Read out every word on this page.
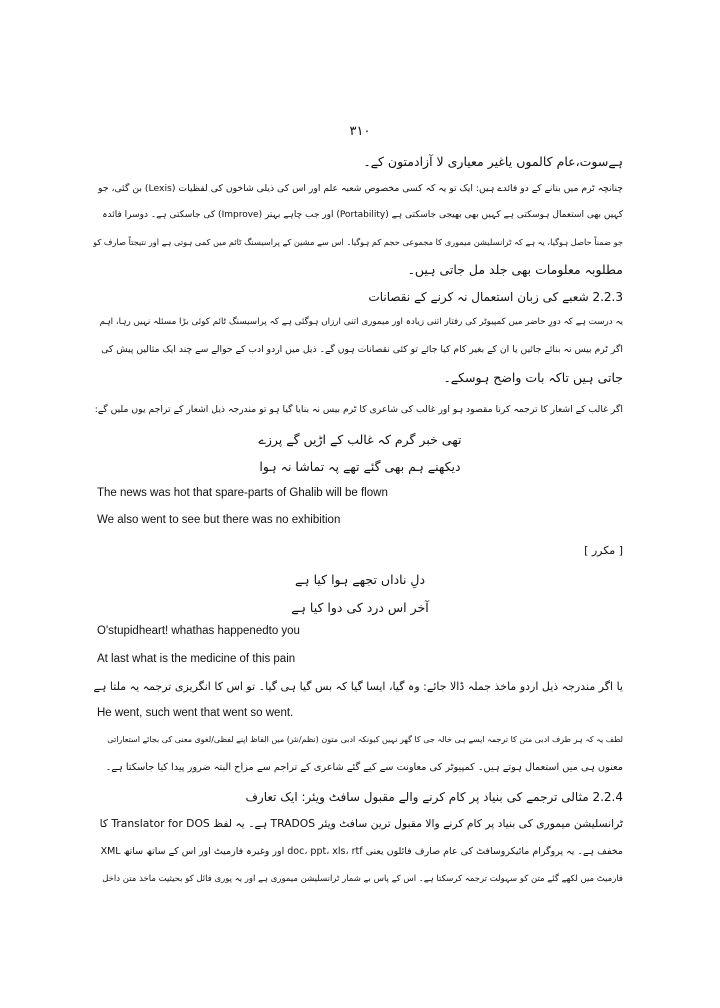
۳۱۰
ہےسوت،عام کالموں یاغیر معیاری لا آزادمتون کے۔
چنانچہ ٹرم میں بنانے کے دو فائدے ہیں: ایک تو یہ کہ کسی مخصوص شعبہ علم اور اس کی ذیلی شاخوں کی لفظیات (Lexis) بن گئی، جو
کہیں بھی استعمال ہوسکتی ہے کہیں بھی بھیجی جاسکتی ہے (Portability) اور جب چاہے بہتر (Improve) کی جاسکتی ہے۔ دوسرا فائدہ
جو ضمناً حاصل ہوگیا، یہ ہے کہ ٹرانسلیشن میموری کا مجموعی حجم کم ہوگیا۔ اس سے مشین کے پراسیسنگ ٹائم میں کمی ہوتی ہے اور نتیجتاً صارف کو
مطلوبہ معلومات بھی جلد مل جاتی ہیں۔
2.2.3 شعبے کی زبان استعمال نہ کرنے کے نقصانات
یہ درست ہے کہ دورِ حاضر میں کمپیوٹر کی رفتار اتنی زیادہ اور میموری اتنی ارزاں ہوگئی ہے کہ پراسیسنگ ٹائم کوئی بڑا مسئلہ نہیں رہا، اہم
اگر ٹرم بیس نہ بنائے جائیں یا ان کے بغیر کام کیا جائے تو کئی نقصانات ہوں گے۔ ذیل میں اردو ادب کے حوالے سے چند ایک مثالیں پیش کی
جاتی ہیں تاکہ بات واضح ہوسکے۔
اگر غالب کے اشعار کا ترجمہ کرنا مقصود ہو اور غالب کی شاعری کا ٹرم بیس نہ بنایا گیا ہو تو مندرجہ ذیل اشعار کے تراجم یوں ملیں گے:
تھی خبر گرم کہ غالب کے اڑیں گے پرزے
دیکھنے ہم بھی گئے تھے پہ تماشا نہ ہوا
The news was hot that spare-parts of Ghalib will be flown
We also went to see but there was no exhibition
[ مکرر ]
دلِ ناداں تجھے ہوا کیا ہے
آخر اس درد کی دوا کیا ہے
O'stupidheart! whathas happenedto you
At last what is the medicine of this pain
یا اگر مندرجہ ذیل اردو ماخذ جملہ ڈالا جائے: وہ گیا، ایسا گیا کہ بس گیا ہی گیا۔ تو اس کا انگریزی ترجمہ یہ ملتا ہے
He went, such went that went so went.
لطف یہ کہ ہر طرف ادبی متن کا ترجمہ ایسے ہی خالہ جی کا گھر نہیں کیونکہ ادبی متون (نظم/نثر) میں الفاظ اپنے لفظی/لغوی معنی کی بجائے استعاراتی
معنوں ہی میں استعمال ہوتے ہیں۔ کمپیوٹر کی معاونت سے کیے گئے شاعری کے تراجم سے مزاح البتہ ضرور پیدا کیا جاسکتا ہے۔
2.2.4 مثالی ترجمے کی بنیاد پر کام کرنے والے مقبول سافٹ ویئر: ایک تعارف
ٹرانسلیشن میموری کی بنیاد پر کام کرنے والا مقبول ترین سافٹ ویئر TRADOS ہے۔ یہ لفظ Translator for DOS کا
مخفف ہے۔ یہ پروگرام مائیکروسافٹ کی عام صارف فائلوں یعنی doc، ppt، xls، rtf اور وغیرہ فارمیٹ اور اس کے ساتھ ساتھ XML
فارمیٹ میں لکھے گئے متن کو سہولت ترجمہ کرسکتا ہے۔ اس کے پاس بے شمار ٹرانسلیشن میموری ہے اور یہ پوری فائل کو بحیثیت ماخذ متن داخل
